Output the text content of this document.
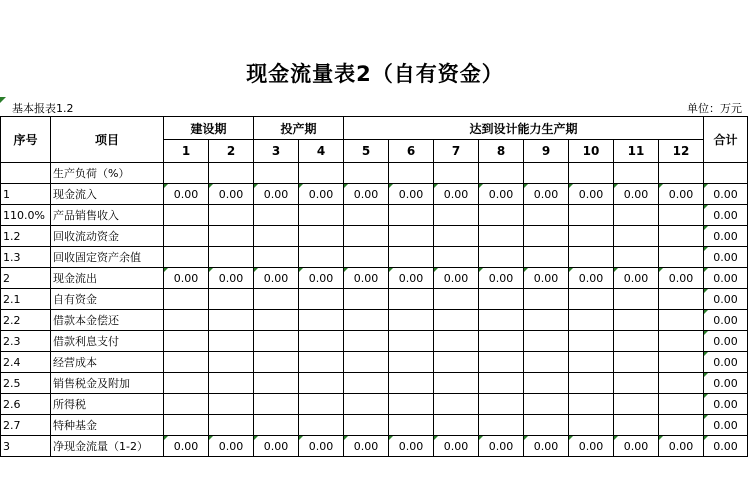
现金流量表2（自有资金）
基本报表1.2	单位：万元
序号	项目	建设期		投产期		达到设计能力生产期								合计
		1	2	3	4	5	6	7	8	9	10	11	12	
	生产负荷（%）													
1	现金流入	0.00	0.00	0.00	0.00	0.00	0.00	0.00	0.00	0.00	0.00	0.00	0.00	0.00
110.0%	产品销售收入													0.00
1.2	回收流动资金													0.00
1.3	回收固定资产余值													0.00
2	现金流出	0.00	0.00	0.00	0.00	0.00	0.00	0.00	0.00	0.00	0.00	0.00	0.00	0.00
2.1	自有资金													0.00
2.2	借款本金偿还													0.00
2.3	借款利息支付													0.00
2.4	经营成本													0.00
2.5	销售税金及附加													0.00
2.6	所得税													0.00
2.7	特种基金													0.00
3	净现金流量（1-2）	0.00	0.00	0.00	0.00	0.00	0.00	0.00	0.00	0.00	0.00	0.00	0.00	0.00
